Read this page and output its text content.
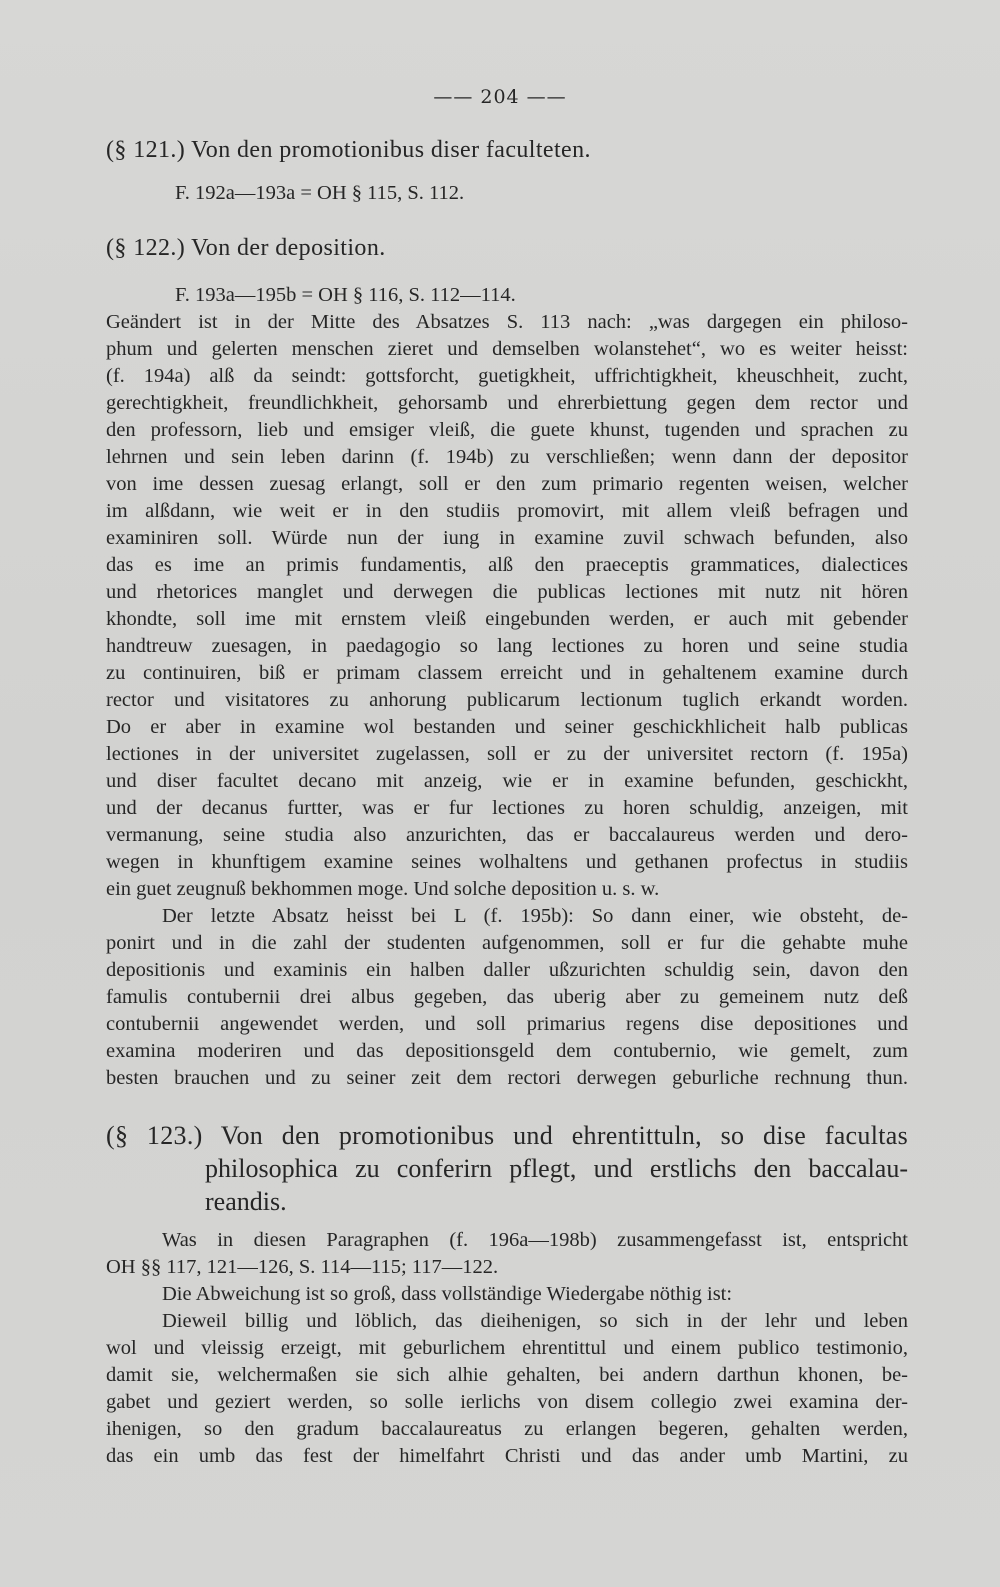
—— 204 ——
(§ 121.) Von den promotionibus diser faculteten.
F. 192a—193a = OH § 115, S. 112.
(§ 122.) Von der deposition.
F. 193a—195b = OH § 116, S. 112—114.
Geändert ist in der Mitte des Absatzes S. 113 nach: „was dargegen ein philoso-
phum und gelerten menschen zieret und demselben wolanstehet“, wo es weiter heisst:
(f. 194a) alß da seindt: gottsforcht, guetigkheit, uffrichtigkheit, kheuschheit, zucht,
gerechtigkheit, freundlichkheit, gehorsamb und ehrerbiettung gegen dem rector und
den professorn, lieb und emsiger vleiß, die guete khunst, tugenden und sprachen zu
lehrnen und sein leben darinn (f. 194b) zu verschließen; wenn dann der depositor
von ime dessen zuesag erlangt, soll er den zum primario regenten weisen, welcher
im alßdann, wie weit er in den studiis promovirt, mit allem vleiß befragen und
examiniren soll. Würde nun der iung in examine zuvil schwach befunden, also
das es ime an primis fundamentis, alß den praeceptis grammatices, dialectices
und rhetorices manglet und derwegen die publicas lectiones mit nutz nit hören
khondte, soll ime mit ernstem vleiß eingebunden werden, er auch mit gebender
handtreuw zuesagen, in paedagogio so lang lectiones zu horen und seine studia
zu continuiren, biß er primam classem erreicht und in gehaltenem examine durch
rector und visitatores zu anhorung publicarum lectionum tuglich erkandt worden.
Do er aber in examine wol bestanden und seiner geschickhlicheit halb publicas
lectiones in der universitet zugelassen, soll er zu der universitet rectorn (f. 195a)
und diser facultet decano mit anzeig, wie er in examine befunden, geschickht,
und der decanus furtter, was er fur lectiones zu horen schuldig, anzeigen, mit
vermanung, seine studia also anzurichten, das er baccalaureus werden und dero-
wegen in khunftigem examine seines wolhaltens und gethanen profectus in studiis
ein guet zeugnuß bekhommen moge. Und solche deposition u. s. w.
Der letzte Absatz heisst bei L (f. 195b): So dann einer, wie obsteht, de-
ponirt und in die zahl der studenten aufgenommen, soll er fur die gehabte muhe
depositionis und examinis ein halben daller ußzurichten schuldig sein, davon den
famulis contubernii drei albus gegeben, das uberig aber zu gemeinem nutz deß
contubernii angewendet werden, und soll primarius regens dise depositiones und
examina moderiren und das depositionsgeld dem contubernio, wie gemelt, zum
besten brauchen und zu seiner zeit dem rectori derwegen geburliche rechnung thun.
(§ 123.) Von den promotionibus und ehrentittuln, so dise facultas
philosophica zu conferirn pflegt, und erstlichs den baccalau-
reandis.
Was in diesen Paragraphen (f. 196a—198b) zusammengefasst ist, entspricht
OH §§ 117, 121—126, S. 114—115; 117—122.
Die Abweichung ist so groß, dass vollständige Wiedergabe nöthig ist:
Dieweil billig und löblich, das dieihenigen, so sich in der lehr und leben
wol und vleissig erzeigt, mit geburlichem ehrentittul und einem publico testimonio,
damit sie, welchermaßen sie sich alhie gehalten, bei andern darthun khonen, be-
gabet und geziert werden, so solle ierlichs von disem collegio zwei examina der-
ihenigen, so den gradum baccalaureatus zu erlangen begeren, gehalten werden,
das ein umb das fest der himelfahrt Christi und das ander umb Martini, zu
